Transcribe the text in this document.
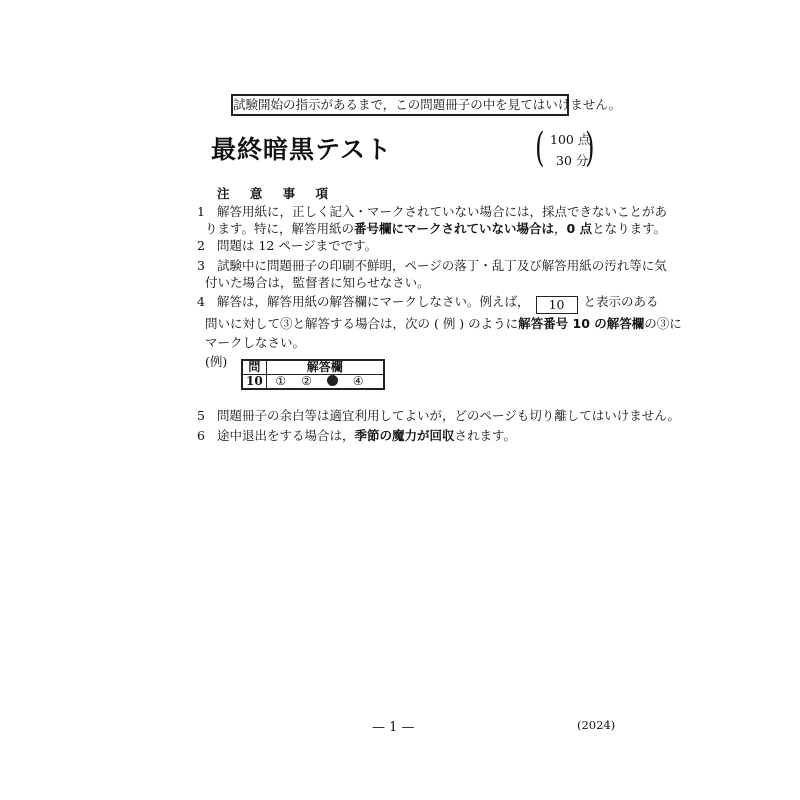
試験開始の指示があるまで，この問題冊子の中を見てはいけません。
最終暗黒テスト	( 100 点
30 分
)
注 意 事 項
1 解答用紙に，正しく記入・マークされていない場合には，採点できないことがあ
ります。特に，解答用紙の番号欄にマークされていない場合は，0 点となります。
2 問題は 12 ページまでです。
3 試験中に問題冊子の印刷不鮮明，ページの落丁・乱丁及び解答用紙の汚れ等に気
付いた場合は，監督者に知らせなさい。
4 解答は，解答用紙の解答欄にマークしなさい。例えば， 10 と表示のある
問いに対して③と解答する場合は，次の ( 例 ) のように解答番号 10 の解答欄の③に
マークしなさい。
(例) 問	解答欄
10	① ② ④
5 問題冊子の余白等は適宜利用してよいが，どのページも切り離してはいけません。
6 途中退出をする場合は，季節の魔力が回収されます。
— 1 —	(2024)
